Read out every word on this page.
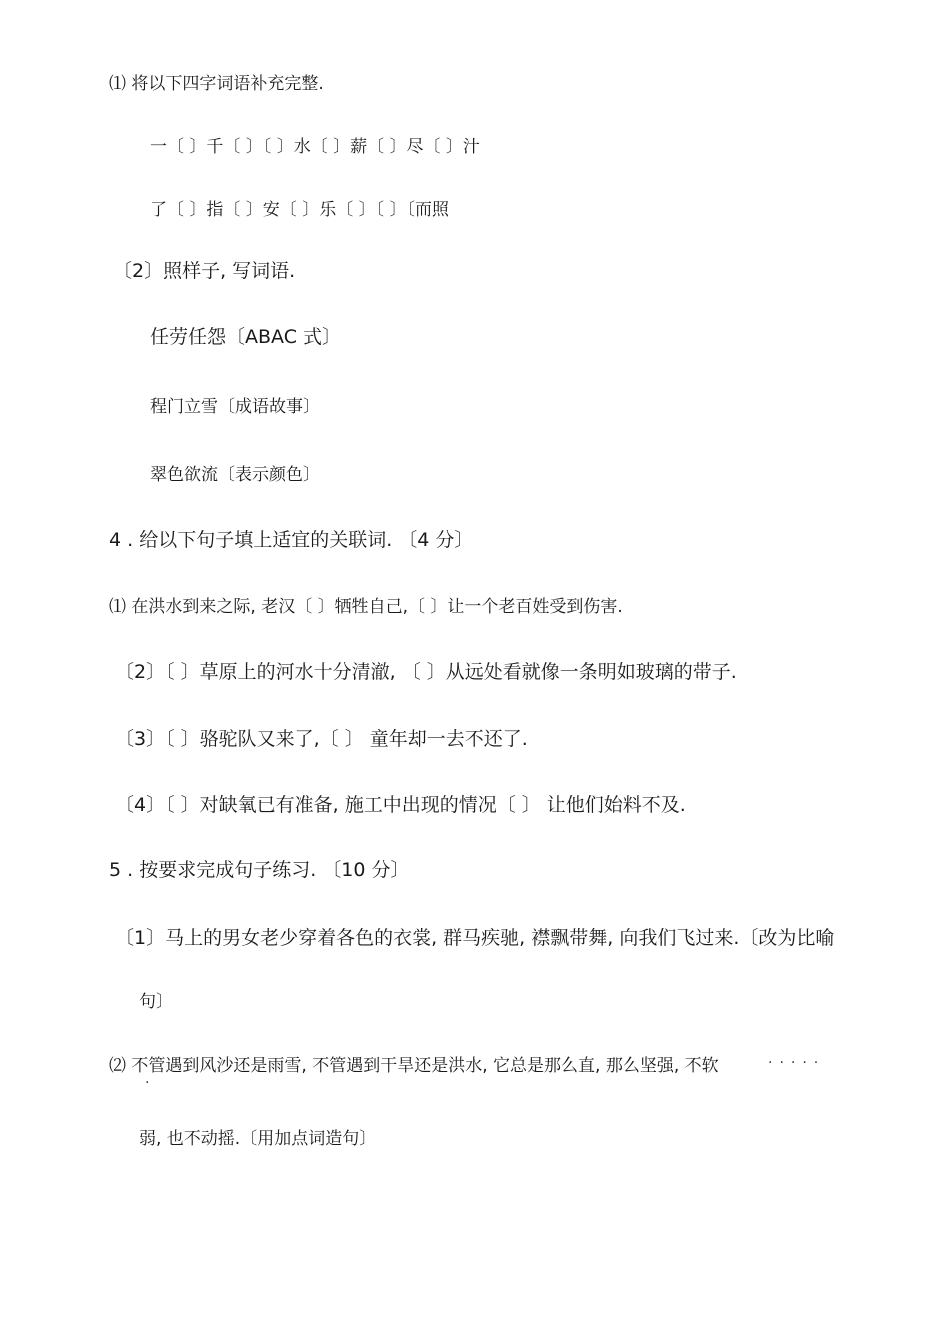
⑴ 将以下四字词语补充完整.
一〔 〕千〔 〕〔 〕水〔 〕薪〔 〕尽〔 〕汁
了〔 〕指〔 〕安〔 〕乐〔 〕〔 〕〔而照
〔2〕照样子, 写词语.
任劳任怨〔ABAC 式〕
程门立雪〔成语故事〕
翠色欲流〔表示颜色〕
4 . 给以下句子填上适宜的关联词. 〔4 分〕
⑴ 在洪水到来之际, 老汉〔 〕牺牲自己,〔 〕让一个老百姓受到伤害.
〔2〕〔 〕草原上的河水十分清澈, 〔 〕从远处看就像一条明如玻璃的带子.
〔3〕〔 〕骆驼队又来了,〔 〕 童年却一去不还了.
〔4〕〔 〕对缺氧已有准备, 施工中出现的情况〔 〕 让他们始料不及.
5 . 按要求完成句子练习. 〔10 分〕
〔1〕马上的男女老少穿着各色的衣裳, 群马疾驰, 襟飘带舞, 向我们飞过来.〔改为比喻
句〕
⑵ 不管遇到风沙还是雨雪, 不管遇到干旱还是洪水, 它总是那么直, 那么坚强, 不软	·····
·
弱, 也不动摇.〔用加点词造句〕
